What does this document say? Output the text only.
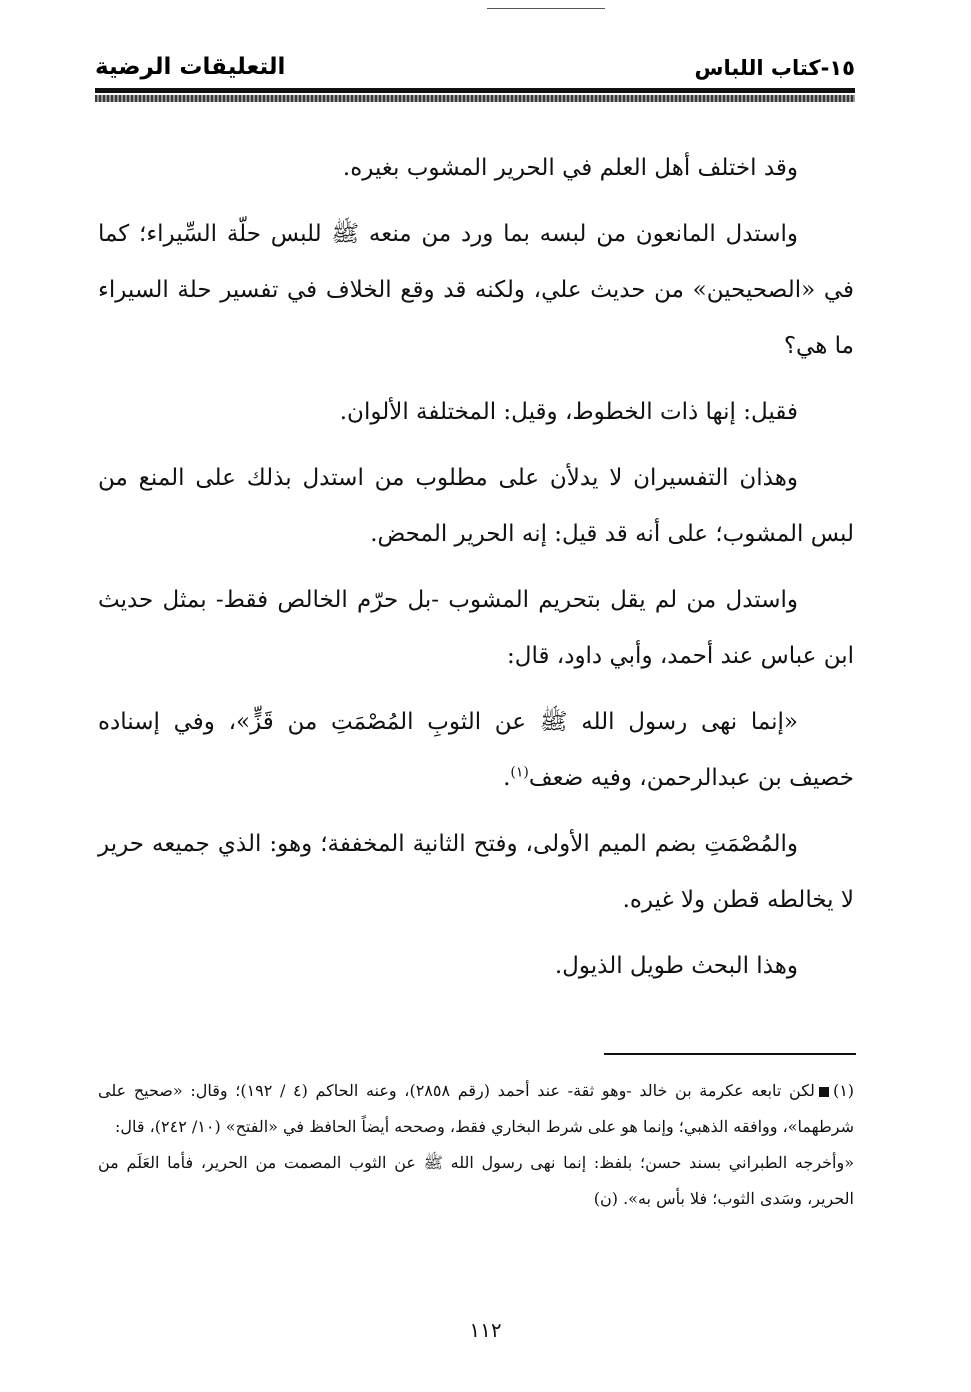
١٥-كتاب اللباس
التعليقات الرضية

وقد اختلف أهل العلم في الحرير المشوب بغيره.

واستدل المانعون من لبسه بما ورد من منعه ﷺ للبس حلّة السِّيراء؛ كما في «الصحيحين» من حديث علي، ولكنه قد وقع الخلاف في تفسير حلة السيراء ما هي؟

فقيل: إنها ذات الخطوط، وقيل: المختلفة الألوان.

وهذان التفسيران لا يدلأن على مطلوب من استدل بذلك على المنع من لبس المشوب؛ على أنه قد قيل: إنه الحرير المحض.

واستدل من لم يقل بتحريم المشوب -بل حرّم الخالص فقط- بمثل حديث ابن عباس عند أحمد، وأبي داود، قال:

«إنما نهى رسول الله ﷺ عن الثوبِ المُصْمَتِ من قَزٍّ»، وفي إسناده خصيف بن عبدالرحمن، وفيه ضعف$^{(١)}$.

والمُصْمَتِ بضم الميم الأولى، وفتح الثانية المخففة؛ وهو: الذي جميعه حرير لا يخالطه قطن ولا غيره.

وهذا البحث طويل الذيول.

(١)لكن تابعه عكرمة بن خالد -وهو ثقة- عند أحمد (رقم ٢٨٥٨)، وعنه الحاكم (٤ / ١٩٢)؛ وقال: «صحيح على شرطهما»، ووافقه الذهبي؛ وإنما هو على شرط البخاري فقط، وصححه أيضاً الحافظ في «الفتح» (١٠/ ٢٤٢)، قال:

«وأخرجه الطبراني بسند حسن؛ بلفظ: إنما نهى رسول الله ﷺ عن الثوب المصمت من الحرير، فأما العَلَم من الحرير، وسَدى الثوب؛ فلا بأس به». (ن)

١١٢
